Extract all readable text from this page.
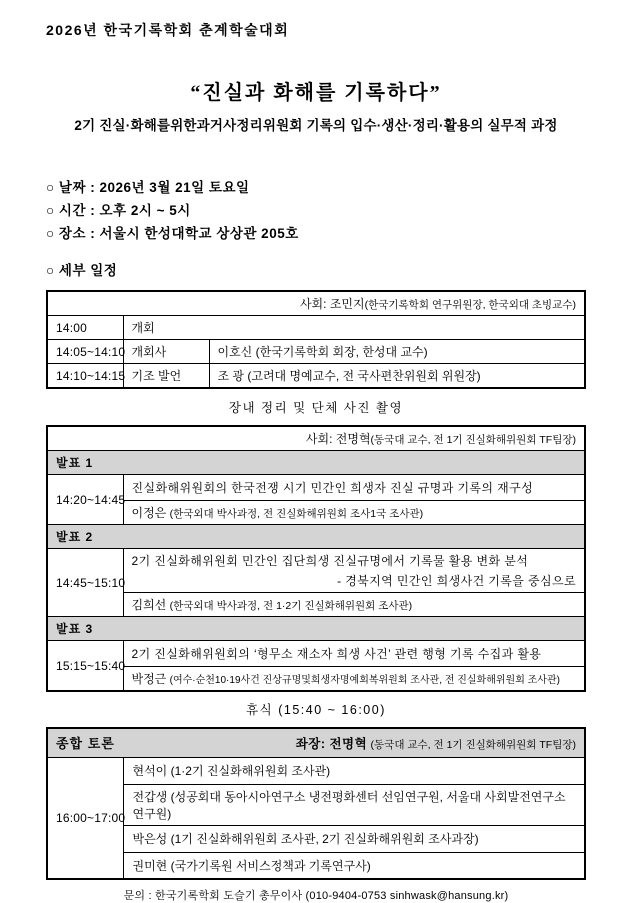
2026년 한국기록학회 춘계학술대회
“진실과 화해를 기록하다”
2기 진실·화해를위한과거사정리위원회 기록의 입수·생산·정리·활용의 실무적 과정
○ 날짜 : 2026년 3월 21일 토요일
○ 시간 : 오후 2시 ~ 5시
○ 장소 : 서울시 한성대학교 상상관 205호
○ 세부 일정
사회: 조민지(한국기록학회 연구위원장, 한국외대 초빙교수)		
14:00	개회	
14:05~14:10	개회사	이호신 (한국기록학회 회장, 한성대 교수)
14:10~14:15	기조 발언	조 광 (고려대 명예교수, 전 국사편찬위원회 위원장)
장내 정리 및 단체 사진 촬영
사회: 전명혁(동국대 교수, 전 1기 진실화해위원회 TF팀장)	
발표 1	
14:20~14:45	진실화해위원회의 한국전쟁 시기 민간인 희생자 진실 규명과 기록의 재구성
	이정은 (한국외대 박사과정, 전 진실화해위원회 조사1국 조사관)
발표 2	
14:45~15:10	2기 진실화해위원회 민간인 집단희생 진실규명에서 기록물 활용 변화 분석
- 경북지역 민간인 희생사건 기록을 중심으로

	김희선 (한국외대 박사과정, 전 1·2기 진실화해위원회 조사관)
발표 3	
15:15~15:40	2기 진실화해위원회의 ‘형무소 재소자 희생 사건’ 관련 행형 기록 수집과 활용
	박정근 (여수·순천10·19사건 진상규명및희생자명예회복위원회 조사관, 전 진실화해위원회 조사관)
휴식 (15:40 ~ 16:00)
종합 토론	좌장: 전명혁 (동국대 교수, 전 1기 진실화해위원회 TF팀장)

16:00~17:00	현석이 (1·2기 진실화해위원회 조사관)
전갑생 (성공회대 동아시아연구소 냉전평화센터 선임연구원, 서울대 사회발전연구소 연구원)
박은성 (1기 진실화해위원회 조사관, 2기 진실화해위원회 조사과장)
권미현 (국가기록원 서비스정책과 기록연구사)
문의 : 한국기록학회 도슬기 총무이사 (010-9404-0753 sinhwask@hansung.kr)
